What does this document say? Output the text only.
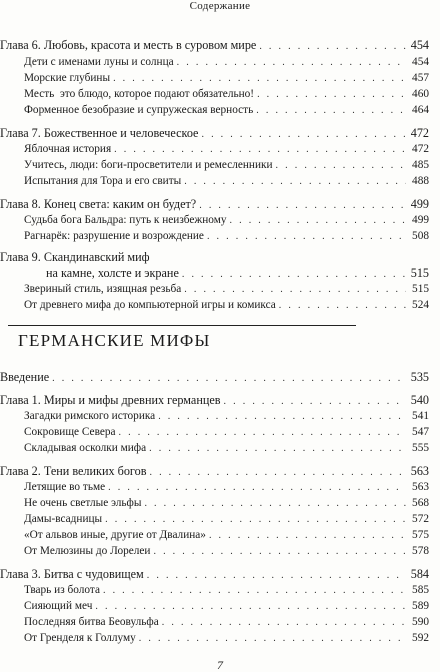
Содержание
Глава 6. Любовь, красота и месть в суровом мире . . .	454
Дети с именами луны и солнца . . .	454
Морские глубины . . .	457
Месть  это блюдо, которое подают обязательно! . . .	460
Форменное безобразие и супружеская верность . . .	464
Глава 7. Божественное и человеческое . . .	472
Яблочная история . . .	472
Учитесь, люди: боги-просветители и ремесленники . . .	485
Испытания для Тора и его свиты . . .	488
Глава 8. Конец света: каким он будет? . . .	499
Судьба бога Бальдра: путь к неизбежному . . .	499
Рагнарёк: разрушение и возрождение . . .	508
Глава 9. Скандинавский миф
на камне, холсте и экране . . .	515
Звериный стиль, изящная резьба . . .	515
От древнего мифа до компьютерной игры и комикса . . .	524
ГЕРМАНСКИЕ МИФЫ
Введение . . .	535
Глава 1. Миры и мифы древних германцев . . .	540
Загадки римского историка . . .	541
Сокровище Севера . . .	547
Складывая осколки мифа . . .	555
Глава 2. Тени великих богов . . .	563
Летящие во тьме . . .	563
Не очень светлые эльфы . . .	568
Дамы-всадницы . . .	572
«От альвов иные, другие от Двалина» . . .	575
От Мелюзины до Лорелеи . . .	578
Глава 3. Битва с чудовищем . . .	584
Тварь из болота . . .	585
Сияющий меч . . .	589
Последняя битва Беовульфа . . .	590
От Гренделя к Голлуму . . .	592
7
